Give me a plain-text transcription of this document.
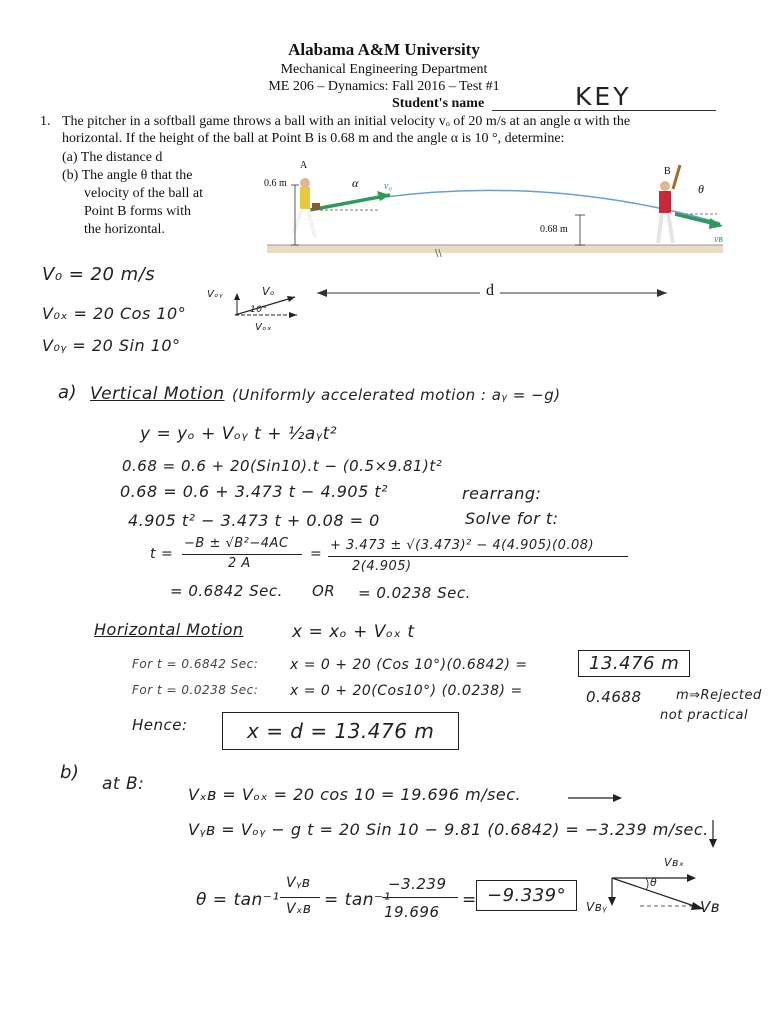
Alabama A&M University
Mechanical Engineering Department
ME 206 – Dynamics: Fall 2016 – Test #1
Student's name	KEY
1. The pitcher in a softball game throws a ball with an initial velocity vₒ of 20 m/s at an angle α with the
horizontal. If the height of the ball at Point B is 0.68 m and the angle α is 10 °, determine:
(a) The distance d
(b) The angle θ that the
velocity of the ball at
Point B forms with
the horizontal.
\\
A
B
0.6 m
0.68 m
α	v₀	θ
vʙ
d
V₀ = 20 m/s
V₀ₓ = 20 Cos 10°
V₀ᵧ = 20 Sin 10°
Vₒᵧ	Vₒ
10°
Vₒₓ
a) Vertical Motion (Uniformly accelerated motion : aᵧ = −g)
y = yₒ + Vₒᵧ t + ½aᵧt²
0.68 = 0.6 + 20(Sin10).t − (0.5×9.81)t²
0.68 = 0.6 + 3.473 t − 4.905 t²	rearrang:
4.905 t² − 3.473 t + 0.08 = 0	Solve for t:
t =
−B ± √B²−4AC
2 A
=
+ 3.473 ± √(3.473)² − 4(4.905)(0.08)
2(4.905)
= 0.6842 Sec. OR = 0.0238 Sec.
Horizontal Motion	x = xₒ + Vₒₓ t
For t = 0.6842 Sec: x = 0 + 20 (Cos 10°)(0.6842) =	13.476 m
For t = 0.0238 Sec: x = 0 + 20(Cos10°) (0.0238) =	0.4688	m⇒Rejected
not practical
Hence:	x = d = 13.476 m
b)
at B:
Vₓʙ = Vₒₓ = 20 cos 10 = 19.696 m/sec.
Vᵧʙ = Vₒᵧ − g t = 20 Sin 10 − 9.81 (0.6842) = −3.239 m/sec.
θ = tan⁻¹
Vᵧʙ
Vₓʙ = tan⁻¹
−3.239
19.696
= −9.339°
Vʙₓ
Vʙᵧ	Vʙ
θ
